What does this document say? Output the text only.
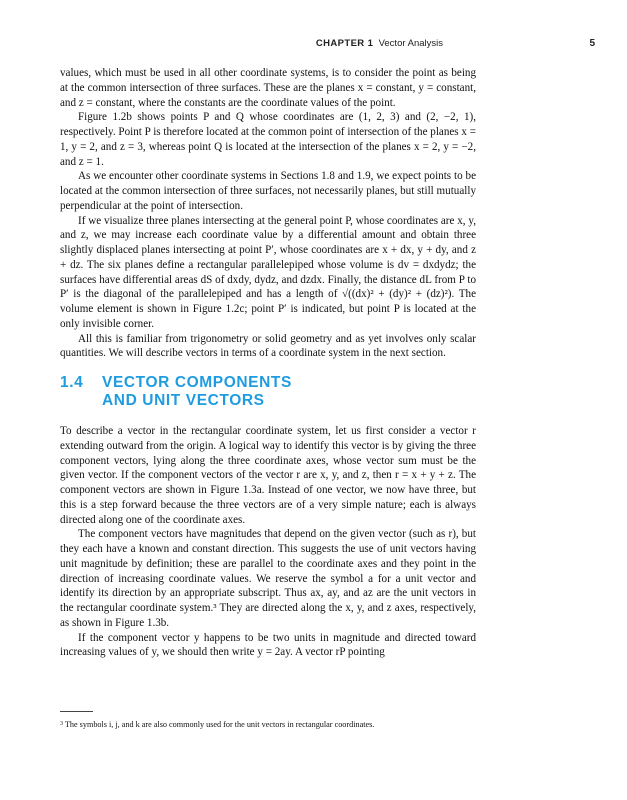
CHAPTER 1 Vector Analysis	5

values, which must be used in all other coordinate systems, is to consider the point as being at the common intersection of three surfaces. These are the planes x = constant, y = constant, and z = constant, where the constants are the coordinate values of the point.

Figure 1.2b shows points P and Q whose coordinates are (1, 2, 3) and (2, −2, 1), respectively. Point P is therefore located at the common point of intersection of the planes x = 1, y = 2, and z = 3, whereas point Q is located at the intersection of the planes x = 2, y = −2, and z = 1.

As we encounter other coordinate systems in Sections 1.8 and 1.9, we expect points to be located at the common intersection of three surfaces, not necessarily planes, but still mutually perpendicular at the point of intersection.

If we visualize three planes intersecting at the general point P, whose coordinates are x, y, and z, we may increase each coordinate value by a differential amount and obtain three slightly displaced planes intersecting at point P′, whose coordinates are x + dx, y + dy, and z + dz. The six planes define a rectangular parallelepiped whose volume is dv = dxdydz; the surfaces have differential areas dS of dxdy, dydz, and dzdx. Finally, the distance dL from P to P′ is the diagonal of the parallelepiped and has a length of √((dx)² + (dy)² + (dz)²). The volume element is shown in Figure 1.2c; point P′ is indicated, but point P is located at the only invisible corner.

All this is familiar from trigonometry or solid geometry and as yet involves only scalar quantities. We will describe vectors in terms of a coordinate system in the next section.

1.4 VECTOR COMPONENTS
AND UNIT VECTORS

To describe a vector in the rectangular coordinate system, let us first consider a vector r extending outward from the origin. A logical way to identify this vector is by giving the three component vectors, lying along the three coordinate axes, whose vector sum must be the given vector. If the component vectors of the vector r are x, y, and z, then r = x + y + z. The component vectors are shown in Figure 1.3a. Instead of one vector, we now have three, but this is a step forward because the three vectors are of a very simple nature; each is always directed along one of the coordinate axes.

The component vectors have magnitudes that depend on the given vector (such as r), but they each have a known and constant direction. This suggests the use of unit vectors having unit magnitude by definition; these are parallel to the coordinate axes and they point in the direction of increasing coordinate values. We reserve the symbol a for a unit vector and identify its direction by an appropriate subscript. Thus ax, ay, and az are the unit vectors in the rectangular coordinate system.³ They are directed along the x, y, and z axes, respectively, as shown in Figure 1.3b.

If the component vector y happens to be two units in magnitude and directed toward increasing values of y, we should then write y = 2ay. A vector rP pointing

$^3$ The symbols i, j, and k are also commonly used for the unit vectors in rectangular coordinates.
